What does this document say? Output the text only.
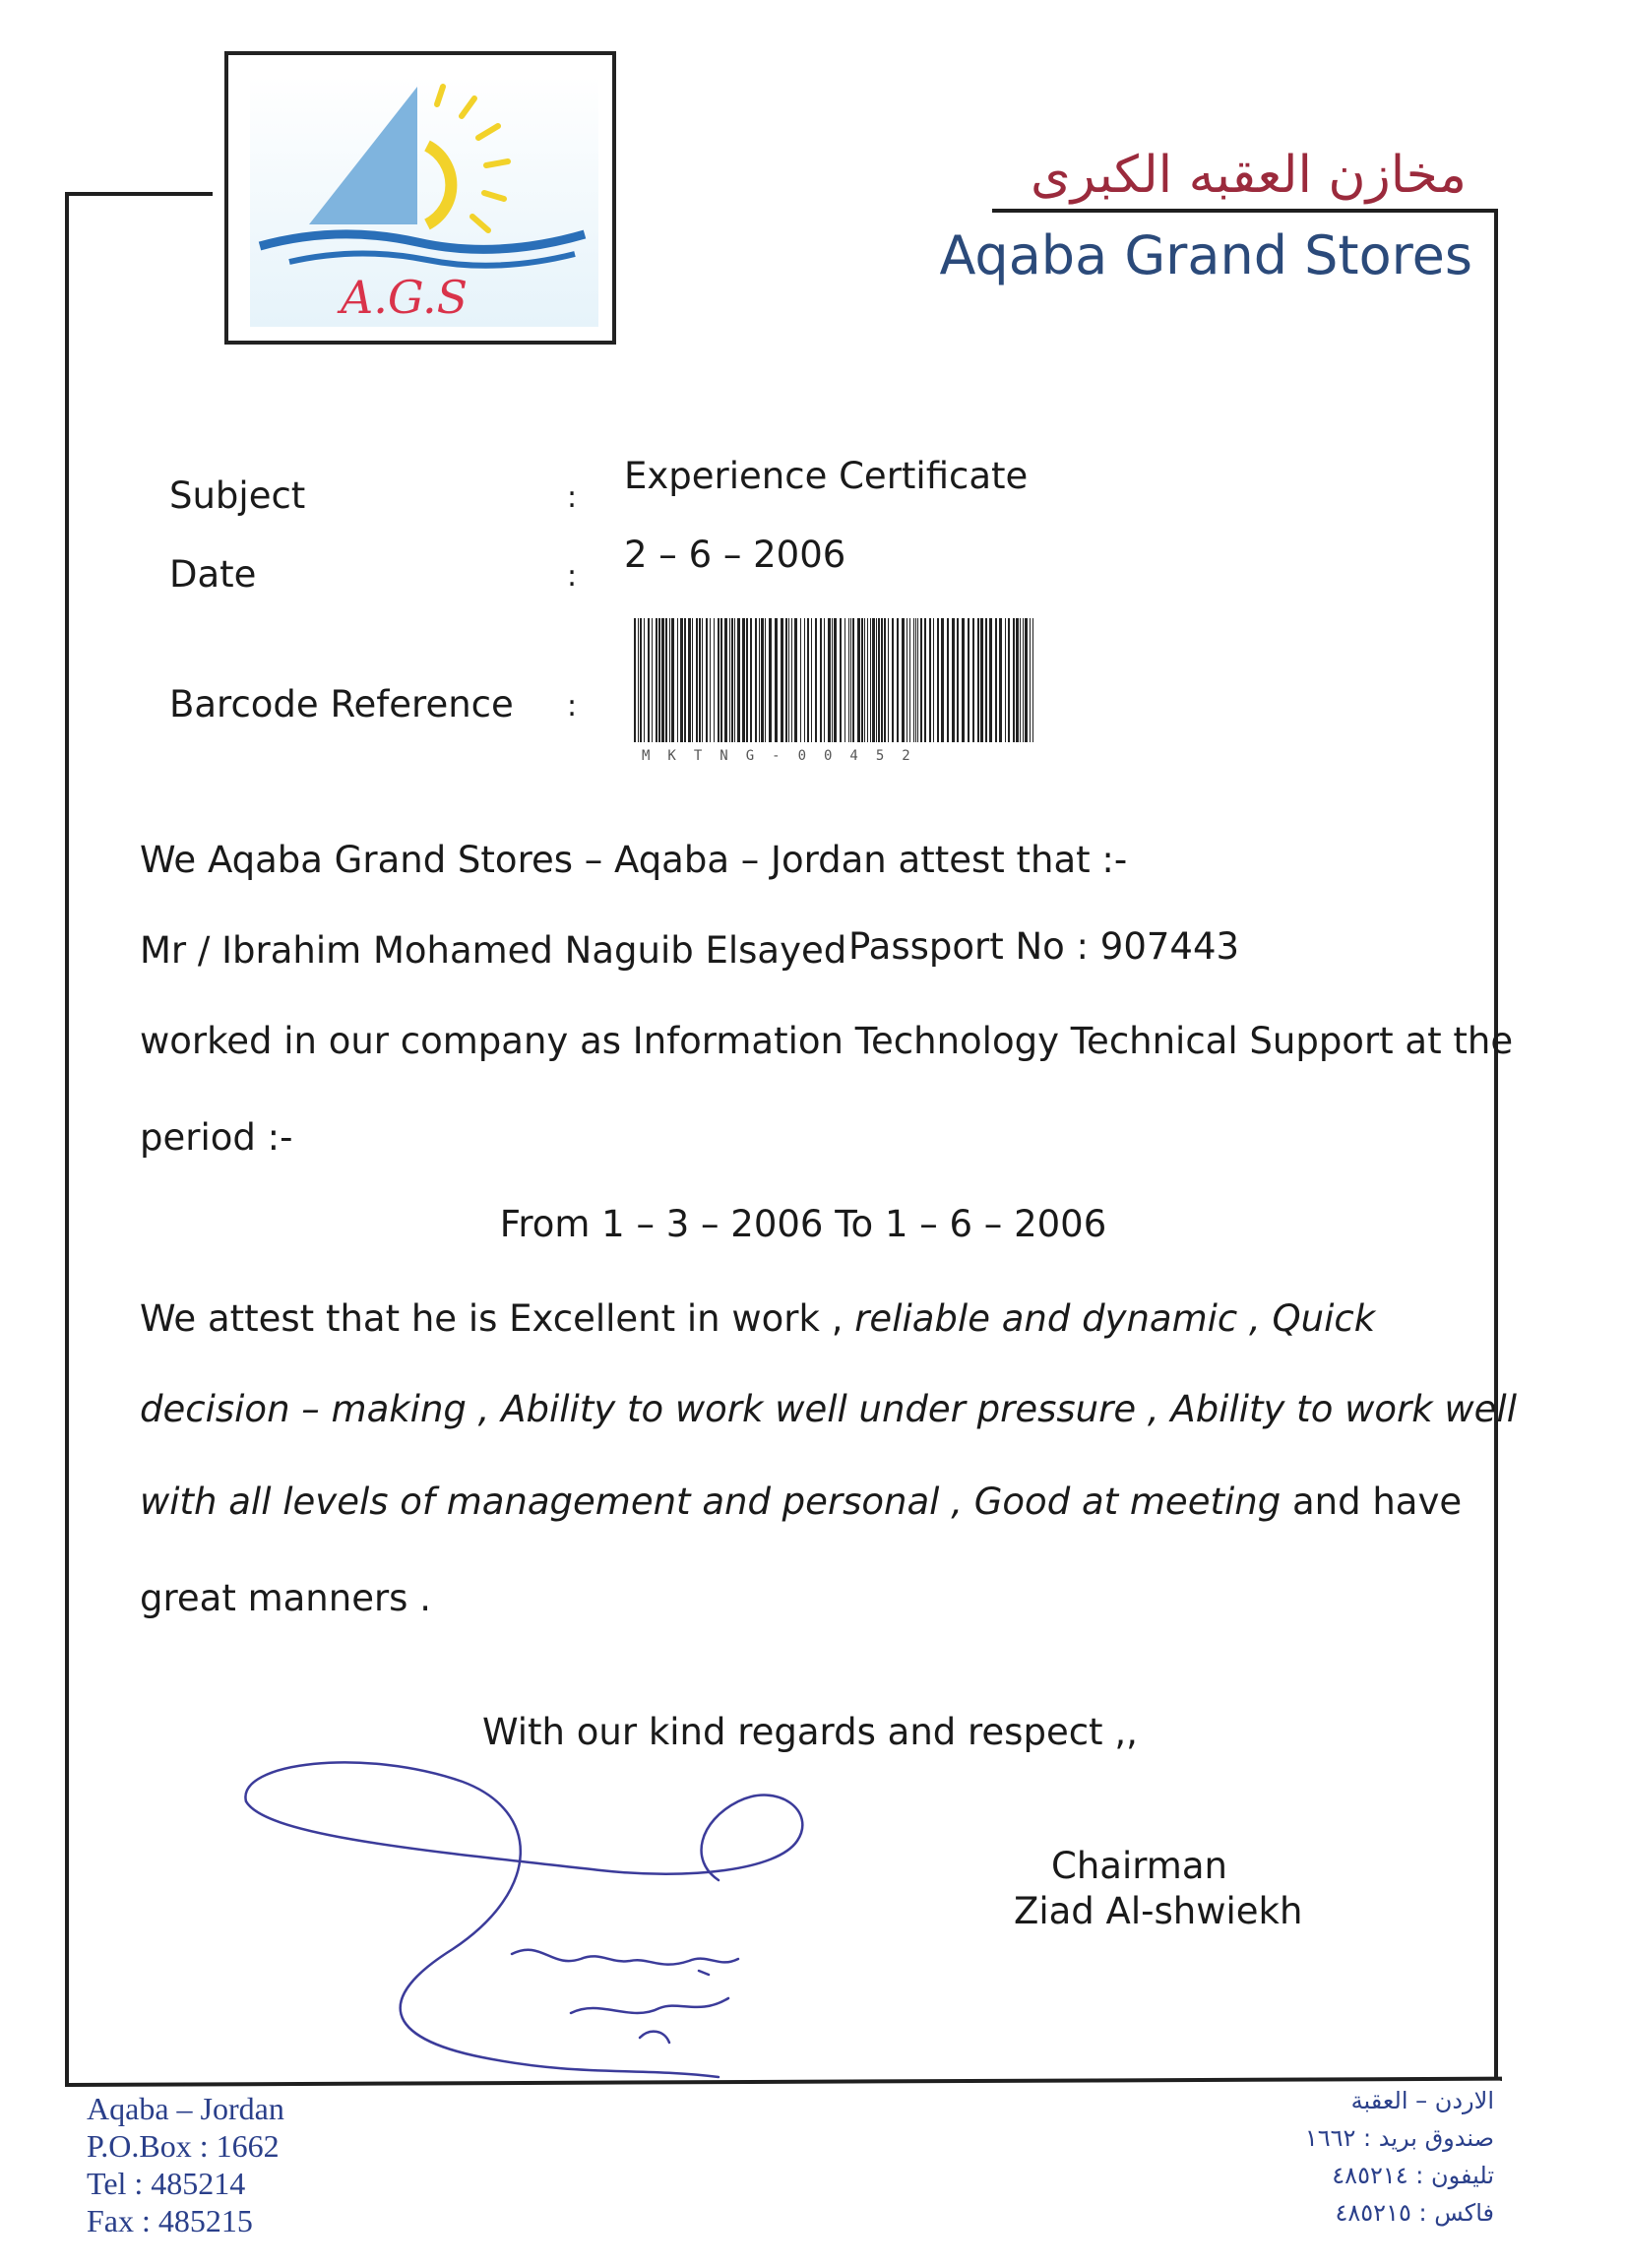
A.G.S
مخازن العقبه الكبرى
Aqaba Grand Stores
Subject	:
Experience Certificate
Date	:
2 – 6 – 2006
Barcode Reference :
MKTNG-00452
We Aqaba Grand Stores – Aqaba – Jordan attest that :-
Mr / Ibrahim Mohamed Naguib Elsayed Passport No : 907443
worked in our company as Information Technology Technical Support at the
period :-
From 1 – 3 – 2006 To 1 – 6 – 2006
We attest that he is Excellent in work , reliable and dynamic , Quick
decision – making , Ability to work well under pressure , Ability to work well
with all levels of management and personal , Good at meeting and have
great manners .
With our kind regards and respect ,,
Chairman
Ziad Al-shwiekh
Aqaba – Jordan
P.O.Box : 1662
Tel : 485214
Fax : 485215
الاردن – العقبة
صندوق بريد : ١٦٦٢
تليفون : ٤٨٥٢١٤
فاكس : ٤٨٥٢١٥
